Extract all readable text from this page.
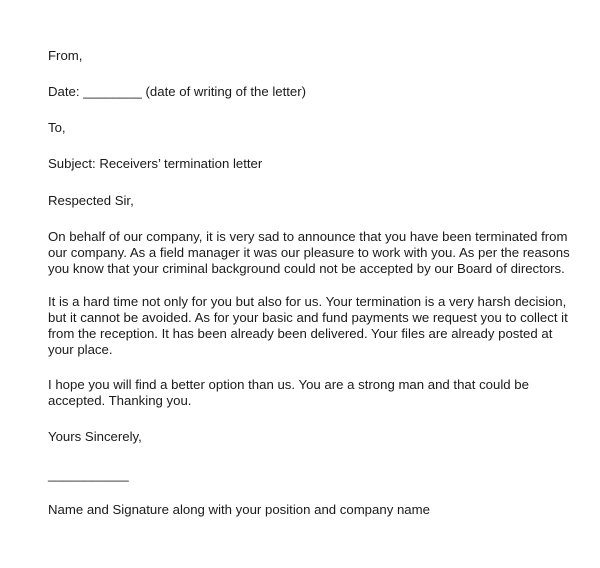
From,

Date: ________ (date of writing of the letter)

To,

Subject: Receivers’ termination letter

Respected Sir,

On behalf of our company, it is very sad to announce that you have been terminated from
our company. As a field manager it was our pleasure to work with you. As per the reasons
you know that your criminal background could not be accepted by our Board of directors.
It is a hard time not only for you but also for us. Your termination is a very harsh decision,
but it cannot be avoided. As for your basic and fund payments we request you to collect it
from the reception. It has been already been delivered. Your files are already posted at
your place.
I hope you will find a better option than us. You are a strong man and that could be
accepted. Thanking you.

Yours Sincerely,

___________

Name and Signature along with your position and company name
